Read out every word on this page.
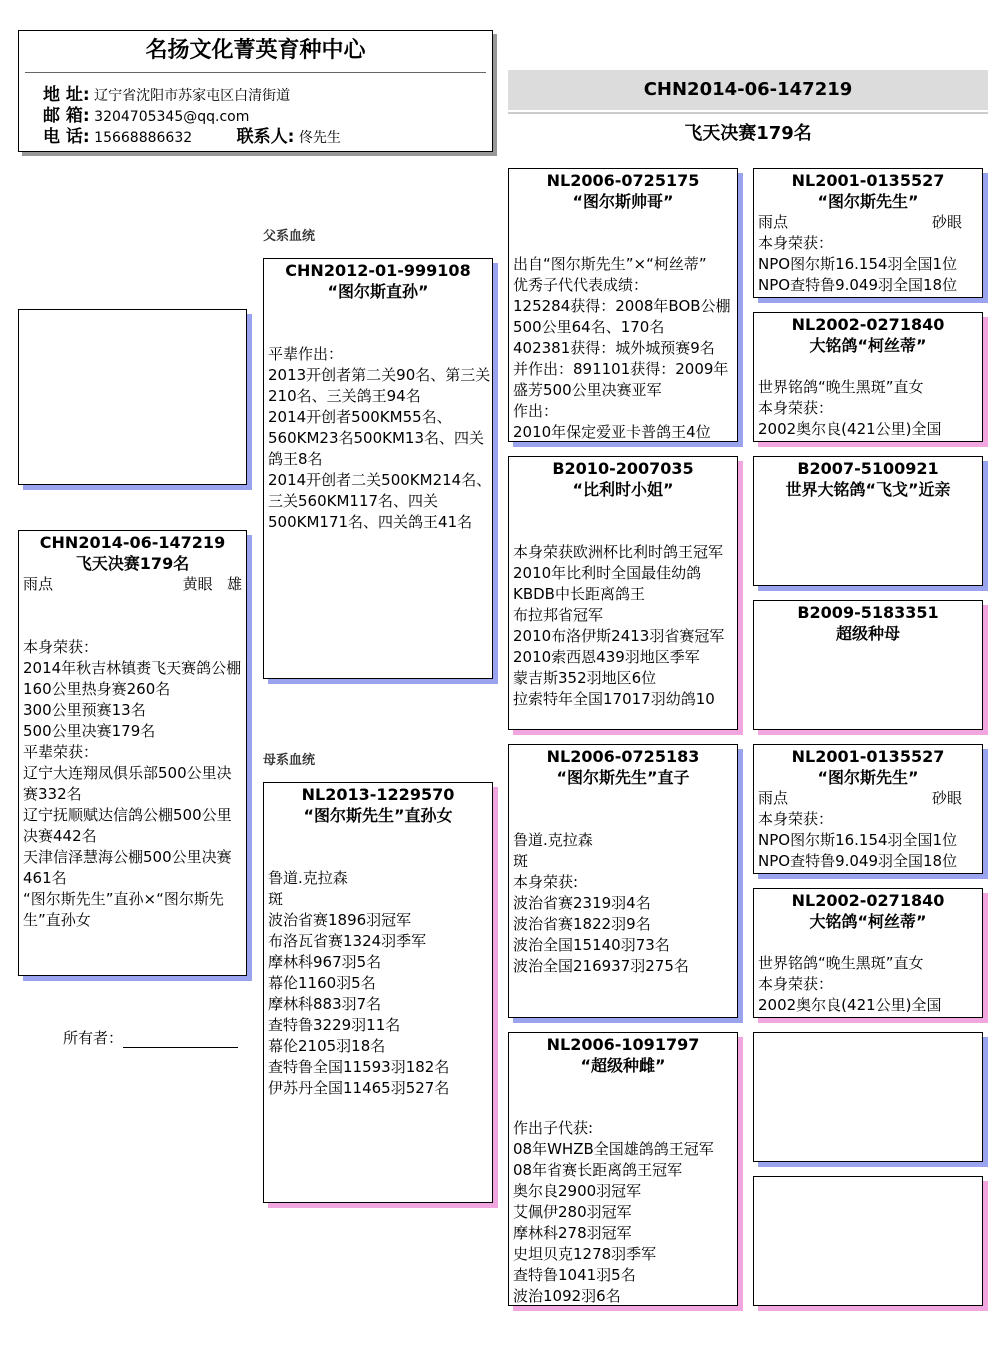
名扬文化菁英育种中心
地 址: 辽宁省沈阳市苏家屯区白清街道
邮 箱: 3204705345@qq.com
电 话: 15668886632	联系人: 佟先生
CHN2014-06-147219
飞天决赛179名
父系血统
母系血统
CHN2014-06-147219
飞天决赛179名
雨点	黄眼 雄
本身荣获：
2014年秋吉林镇赉飞天赛鸽公棚
160公里热身赛260名
300公里预赛13名
500公里决赛179名
平辈荣获：
辽宁大连翔凤俱乐部500公里决赛332名
辽宁抚顺赋达信鸽公棚500公里决赛442名
天津信泽慧海公棚500公里决赛461名
“图尔斯先生”直孙×“图尔斯先生”直孙女
所有者：
CHN2012-01-999108
“图尔斯直孙”
平辈作出：
2013开创者第二关90名、第三关210名、三关鸽王94名
2014开创者500KM55名、560KM23名500KM13名、四关鸽王8名
2014开创者二关500KM214名、三关560KM117名、四关500KM171名、四关鸽王41名
NL2013-1229570
“图尔斯先生”直孙女
鲁道.克拉森
斑
波治省赛1896羽冠军
布洛瓦省赛1324羽季军
摩林科967羽5名
幕伦1160羽5名
摩林科883羽7名
查特鲁3229羽11名
幕伦2105羽18名
查特鲁全国11593羽182名
伊苏丹全国11465羽527名
NL2006-0725175
“图尔斯帅哥”
出自“图尔斯先生”×“柯丝蒂”
优秀子代代表成绩：
125284获得：2008年BOB公棚500公里64名、170名
402381获得：城外城预赛9名
并作出：891101获得：2009年盛芳500公里决赛亚军
作出：
2010年保定爱亚卡普鸽王4位
B2010-2007035
“比利时小姐”
本身荣获欧洲杯比利时鸽王冠军
2010年比利时全国最佳幼鸽
KBDB中长距离鸽王
布拉邦省冠军
2010布洛伊斯2413羽省赛冠军
2010索西恩439羽地区季军
蒙吉斯352羽地区6位
拉索特年全国17017羽幼鸽10
NL2006-0725183
“图尔斯先生”直子
鲁道.克拉森
斑
本身荣获:
波治省赛2319羽4名
波治省赛1822羽9名
波治全国15140羽73名
波治全国216937羽275名
NL2006-1091797
“超级种雌”
作出子代获:
08年WHZB全国雄鸽鸽王冠军
08年省赛长距离鸽王冠军
奥尔良2900羽冠军
艾佩伊280羽冠军
摩林科278羽冠军
史坦贝克1278羽季军
查特鲁1041羽5名
波治1092羽6名
NL2001-0135527
“图尔斯先生”
雨点	砂眼
本身荣获：
NPO图尔斯16.154羽全国1位
NPO查特鲁9.049羽全国18位
NL2002-0271840
大铭鸽“柯丝蒂”
世界铭鸽“晚生黑斑”直女
本身荣获：
2002奥尔良(421公里)全国
B2007-5100921
世界大铭鸽“飞戈”近亲
B2009-5183351
超级种母
NL2001-0135527
“图尔斯先生”
雨点	砂眼
本身荣获：
NPO图尔斯16.154羽全国1位
NPO查特鲁9.049羽全国18位
NL2002-0271840
大铭鸽“柯丝蒂”
世界铭鸽“晚生黑斑”直女
本身荣获：
2002奥尔良(421公里)全国
